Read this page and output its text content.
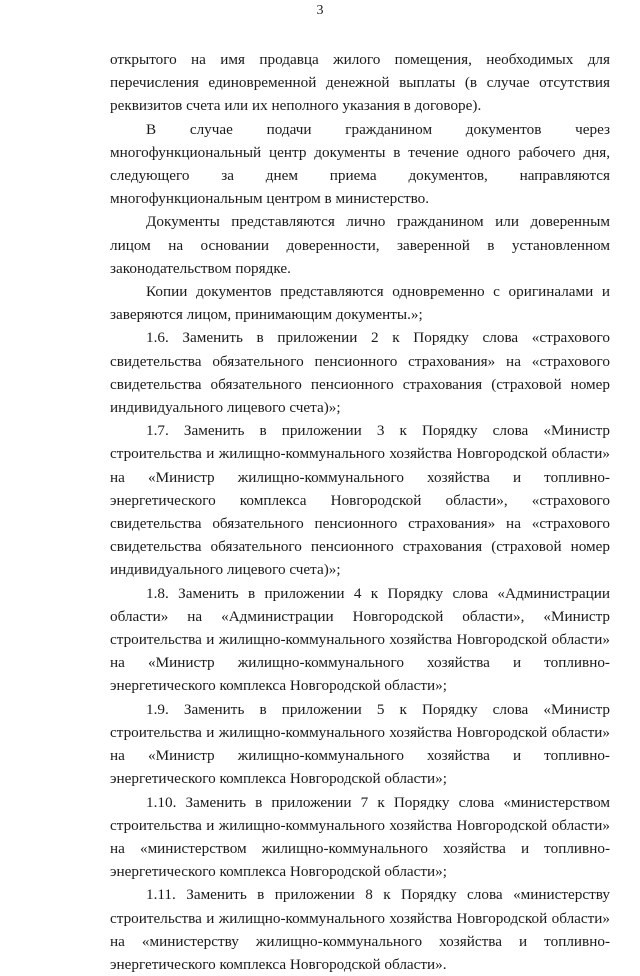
3

открытого на имя продавца жилого помещения, необходимых для перечисления единовременной денежной выплаты (в случае отсутствия реквизитов счета или их неполного указания в договоре).

В случае подачи гражданином документов через многофункциональный центр документы в течение одного рабочего дня, следующего за днем приема документов, направляются многофункциональным центром в министерство.

Документы представляются лично гражданином или доверенным лицом на основании доверенности, заверенной в установленном законодательством порядке.

Копии документов представляются одновременно с оригиналами и заверяются лицом, принимающим документы.»;

1.6. Заменить в приложении 2 к Порядку слова «страхового свидетельства обязательного пенсионного страхования» на «страхового свидетельства обязательного пенсионного страхования (страховой номер индивидуального лицевого счета)»;

1.7. Заменить в приложении 3 к Порядку слова «Министр строительства и жилищно-коммунального хозяйства Новгородской области» на «Министр жилищно-коммунального хозяйства и топливно-энергетического комплекса Новгородской области», «страхового свидетельства обязательного пенсионного страхования» на «страхового свидетельства обязательного пенсионного страхования (страховой номер индивидуального лицевого счета)»;

1.8. Заменить в приложении 4 к Порядку слова «Администрации области» на «Администрации Новгородской области», «Министр строительства и жилищно-коммунального хозяйства Новгородской области» на «Министр жилищно-коммунального хозяйства и топливно-энергетического комплекса Новгородской области»;

1.9. Заменить в приложении 5 к Порядку слова «Министр строительства и жилищно-коммунального хозяйства Новгородской области» на «Министр жилищно-коммунального хозяйства и топливно-энергетического комплекса Новгородской области»;

1.10. Заменить в приложении 7 к Порядку слова «министерством строительства и жилищно-коммунального хозяйства Новгородской области» на «министерством жилищно-коммунального хозяйства и топливно-энергетического комплекса Новгородской области»;

1.11. Заменить в приложении 8 к Порядку слова «министерству строительства и жилищно-коммунального хозяйства Новгородской области» на «министерству жилищно-коммунального хозяйства и топливно-энергетического комплекса Новгородской области».
